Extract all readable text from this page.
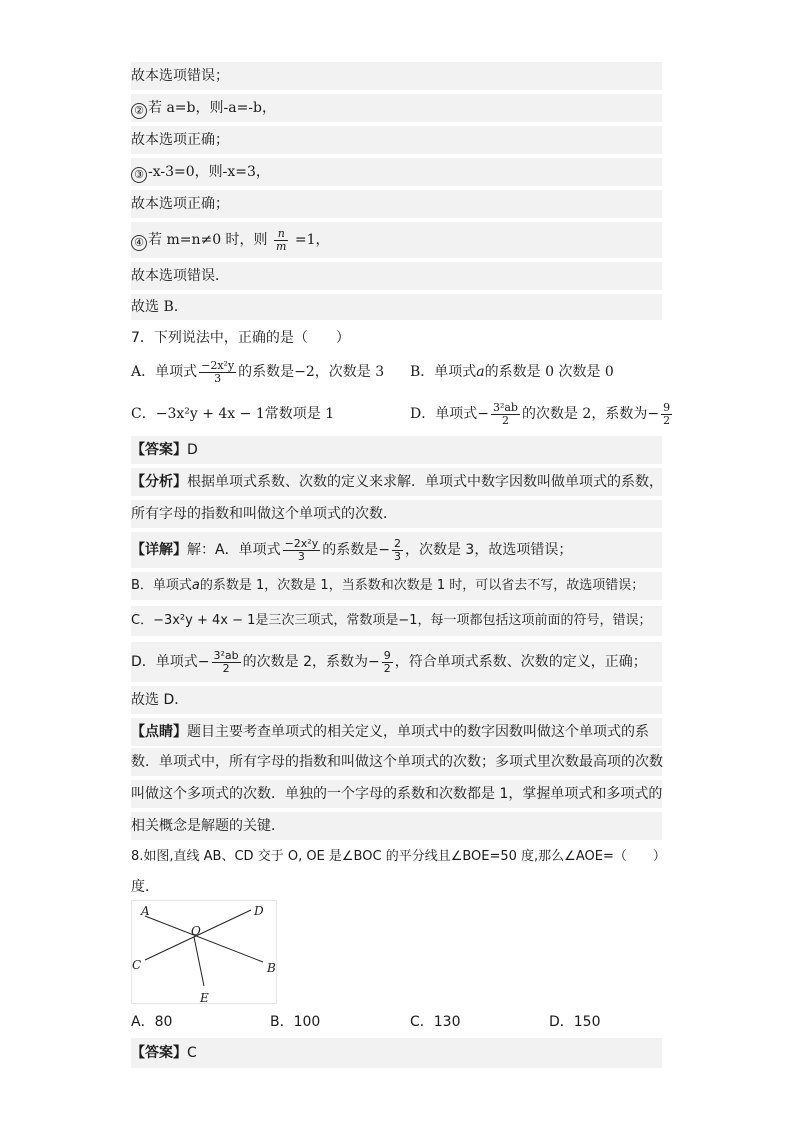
故本选项错误；
② 若 a=b，则-a=-b，
故本选项正确；
③ -x-3=0，则-x=3，
故本选项正确；
④ 若 m=n≠0 时，则 $\frac{n}{m} =1$，
故本选项错误．
故选 B.
7．下列说法中，正确的是（　　）
A．单项式 $\frac{\text{−2x²y}}{3}$ 的系数是−2，次数是 3 B．单项式a的系数是 0 次数是 0
C．−3x²y + 4x − 1常数项是 1	D．单项式− $\frac{\text{3²ab}}{2}$ 的次数是 2，系数为− $\frac{9}{2}$
【答案】D
【分析】根据单项式系数、次数的定义来求解．单项式中数字因数叫做单项式的系数，
所有字母的指数和叫做这个单项式的次数．
【详解】解：A．单项式 $\frac{\text{−2x²y}}{3}$ 的系数是− $\frac{2}{3}$ ，次数是 3，故选项错误；
B．单项式a的系数是 1，次数是 1，当系数和次数是 1 时，可以省去不写，故选项错误；
C．−3x²y + 4x − 1是三次三项式，常数项是−1，每一项都包括这项前面的符号，错误；
D．单项式− $\frac{\text{3²ab}}{2}$ 的次数是 2，系数为− $\frac{9}{2}$ ，符合单项式系数、次数的定义，正确；
故选 D．
【点睛】题目主要考查单项式的相关定义，单项式中的数字因数叫做这个单项式的系
数．单项式中，所有字母的指数和叫做这个单项式的次数；多项式里次数最高项的次数
叫做这个多项式的次数．单独的一个字母的系数和次数都是 1，掌握单项式和多项式的
相关概念是解题的关键．
8.如图,直线 AB、CD 交于 O, OE 是∠BOC 的平分线且∠BOE=50 度,那么∠AOE=（　　）
度．
A	D
O
C	B
E
A．80	B．100	C．130	D．150
【答案】C
